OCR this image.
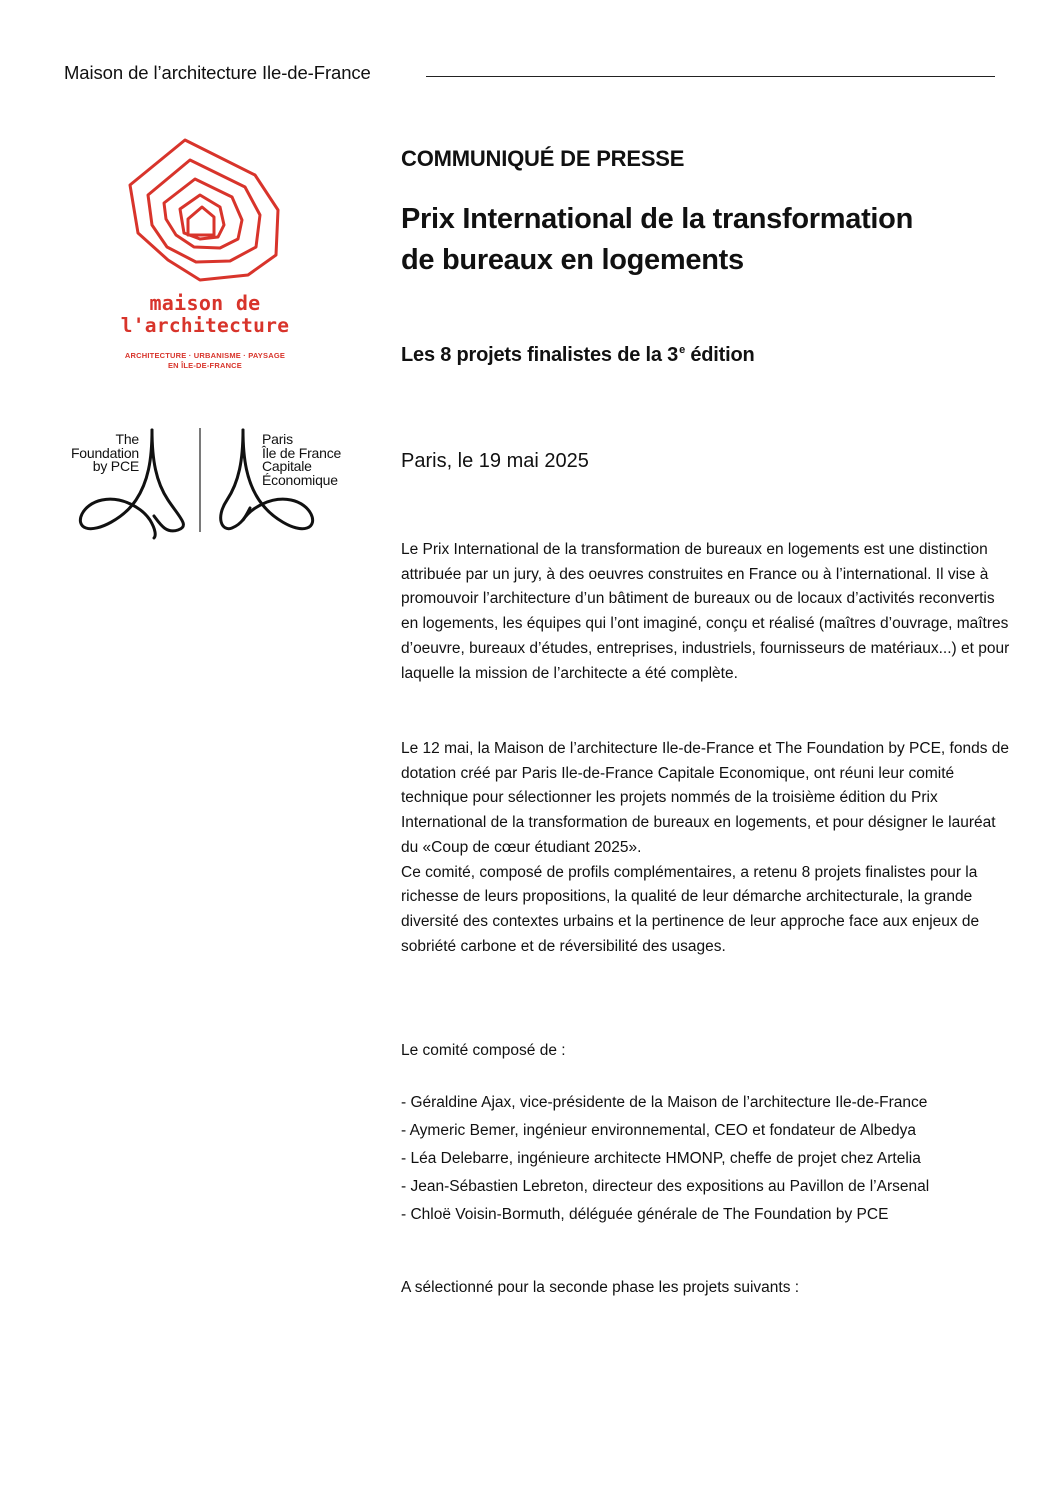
Maison de l’architecture Ile-de-France
maison de
l'architecture
ARCHITECTURE · URBANISME · PAYSAGE
EN ÎLE-DE-FRANCE
The
Foundation
by PCE
Paris
Île de France
Capitale
Économique
COMMUNIQUÉ DE PRESSE
Prix International de la transformation de bureaux en logements
Les 8 projets finalistes de la 3e édition
Paris, le 19 mai 2025

Le Prix International de la transformation de bureaux en logements est une distinction attribuée par un jury, à des oeuvres construites en France ou à l’international. Il vise à promouvoir l’architecture d’un bâtiment de bureaux ou de locaux d’activités reconvertis en logements, les équipes qui l’ont imaginé, conçu et réalisé (maîtres d’ouvrage, maîtres d’oeuvre, bureaux d’études, entreprises, industriels, fournisseurs de matériaux...) et pour laquelle la mission de l’architecte a été complète.

Le 12 mai, la Maison de l’architecture Ile-de-France et The Foundation by PCE, fonds de dotation créé par Paris Ile-de-France Capitale Economique, ont réuni leur comité technique pour sélectionner les projets nommés de la troisième édition du Prix International de la transformation de bureaux en logements, et pour désigner le lauréat du «Coup de cœur étudiant 2025».

Ce comité, composé de profils complémentaires, a retenu 8 projets finalistes pour la richesse de leurs propositions, la qualité de leur démarche architecturale, la grande diversité des contextes urbains et la pertinence de leur approche face aux enjeux de sobriété carbone et de réversibilité des usages.

Le comité composé de :

- Géraldine Ajax, vice-présidente de la Maison de l’architecture Ile-de-France
- Aymeric Bemer, ingénieur environnemental, CEO et fondateur de Albedya
- Léa Delebarre, ingénieure architecte HMONP, cheffe de projet chez Artelia
- Jean-Sébastien Lebreton, directeur des expositions au Pavillon de l’Arsenal
- Chloë Voisin-Bormuth, déléguée générale de The Foundation by PCE

A sélectionné pour la seconde phase les projets suivants :
